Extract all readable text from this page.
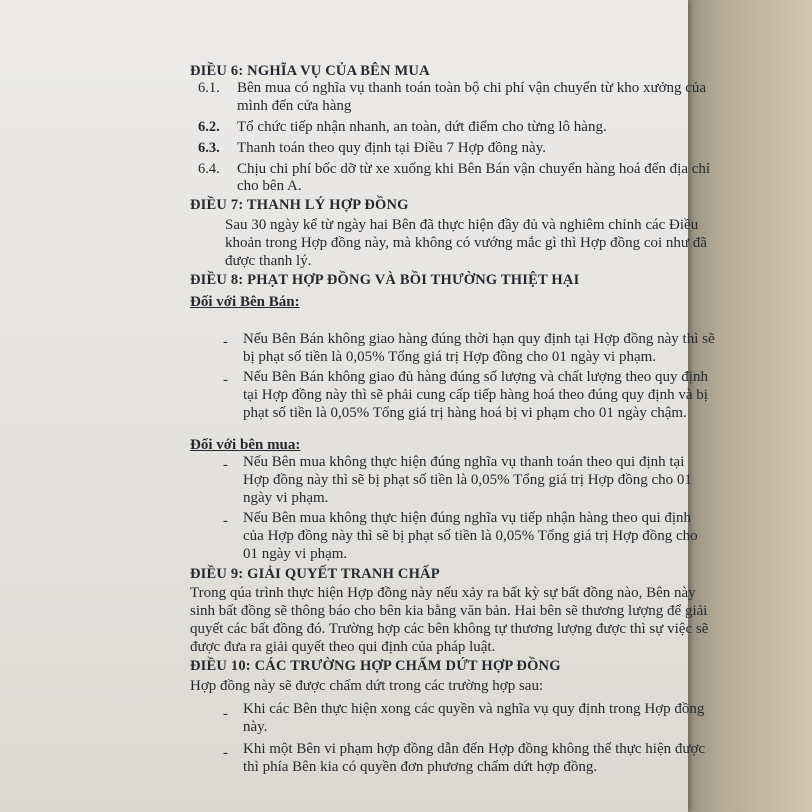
ĐIỀU 6: NGHĨA VỤ CỦA BÊN MUA
6.1. Bên mua có nghĩa vụ thanh toán toàn bộ chi phí vận chuyển từ kho xưởng của
mình đến cửa hàng
6.2. Tổ chức tiếp nhận nhanh, an toàn, dứt điểm cho từng lô hàng.
6.3. Thanh toán theo quy định tại Điều 7 Hợp đồng này.
6.4. Chịu chi phí bốc dỡ từ xe xuống khi Bên Bán vận chuyển hàng hoá đến địa chỉ
cho bên A.
ĐIỀU 7: THANH LÝ HỢP ĐỒNG
Sau 30 ngày kể từ ngày hai Bên đã thực hiện đầy đủ và nghiêm chỉnh các Điều
khoản trong Hợp đồng này, mà không có vướng mắc gì thì Hợp đồng coi như đã
được thanh lý.
ĐIỀU 8: PHẠT HỢP ĐỒNG VÀ BỒI THƯỜNG THIỆT HẠI
Đối với Bên Bán:
- Nếu Bên Bán không giao hàng đúng thời hạn quy định tại Hợp đồng này thì sẽ
bị phạt số tiền là 0,05% Tổng giá trị Hợp đồng cho 01 ngày vi phạm.
- Nếu Bên Bán không giao đủ hàng đúng số lượng và chất lượng theo quy định
tại Hợp đồng này thì sẽ phải cung cấp tiếp hàng hoá theo đúng quy định và bị
phạt số tiền là 0,05% Tổng giá trị hàng hoá bị vi phạm cho 01 ngày chậm.
Đối với bên mua:
- Nếu Bên mua không thực hiện đúng nghĩa vụ thanh toán theo qui định tại
Hợp đồng này thì sẽ bị phạt số tiền là 0,05% Tổng giá trị Hợp đồng cho 01
ngày vi phạm.
- Nếu Bên mua không thực hiện đúng nghĩa vụ tiếp nhận hàng theo qui định
của Hợp đồng này thì sẽ bị phạt số tiền là 0,05% Tổng giá trị Hợp đồng cho
01 ngày vi phạm.
ĐIỀU 9: GIẢI QUYẾT TRANH CHẤP
Trong qúa trình thực hiện Hợp đồng này nếu xảy ra bất kỳ sự bất đồng nào, Bên này
sinh bất đồng sẽ thông báo cho bên kia bằng văn bản. Hai bên sẽ thương lượng để giải
quyết các bất đồng đó. Trường hợp các bên không tự thương lượng được thì sự việc sẽ
được đưa ra giải quyết theo qui định của pháp luật.
ĐIỀU 10: CÁC TRƯỜNG HỢP CHẤM DỨT HỢP ĐỒNG
Hợp đồng này sẽ được chấm dứt trong các trường hợp sau:
- Khi các Bên thực hiện xong các quyền và nghĩa vụ quy định trong Hợp đồng
này.
- Khi một Bên vi phạm hợp đồng dẫn đến Hợp đồng không thể thực hiện được
thì phía Bên kia có quyền đơn phương chấm dứt hợp đồng.
